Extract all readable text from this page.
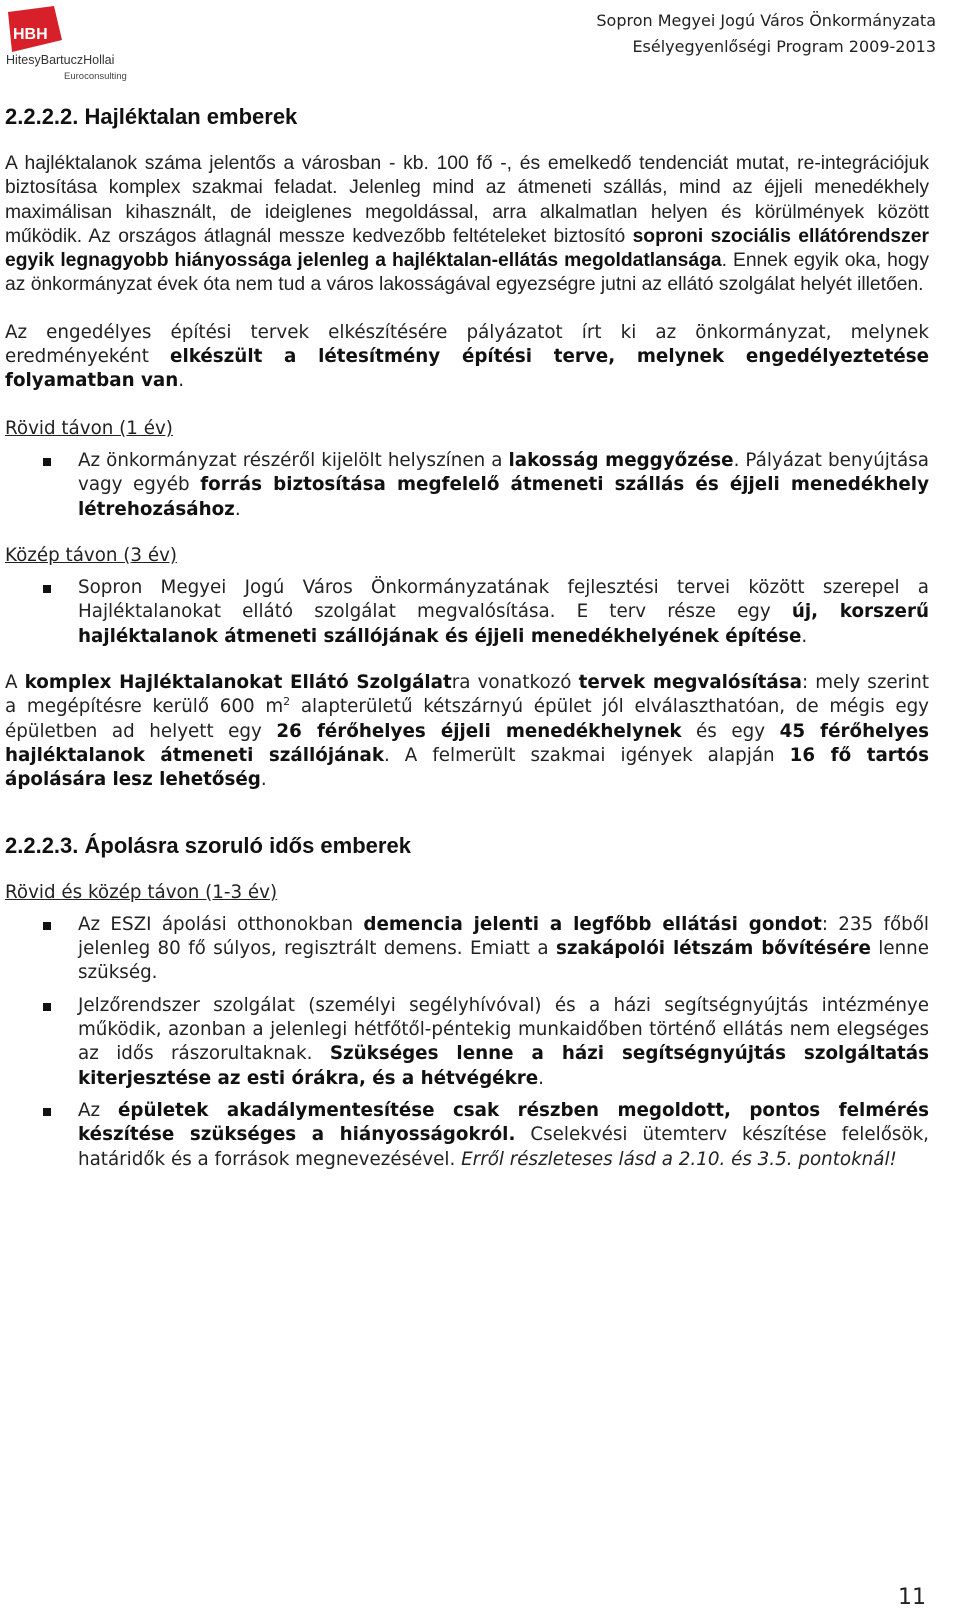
HBH
HitesyBartuczHollai
Euroconsulting
Sopron Megyei Jogú Város Önkormányzata
Esélyegyenlőségi Program 2009-2013
2.2.2.2. Hajléktalan emberek

A hajléktalanok száma jelentős a városban - kb. 100 fő -, és emelkedő tendenciát mutat, re-integrációjuk biztosítása komplex szakmai feladat. Jelenleg mind az átmeneti szállás, mind az éjjeli menedékhely maximálisan kihasznált, de ideiglenes megoldással, arra alkalmatlan helyen és körülmények között működik. Az országos átlagnál messze kedvezőbb feltételeket biztosító soproni szociális ellátórendszer egyik legnagyobb hiányossága jelenleg a hajléktalan-ellátás megoldatlansága. Ennek egyik oka, hogy az önkormányzat évek óta nem tud a város lakosságával egyezségre jutni az ellátó szolgálat helyét illetően.

Az engedélyes építési tervek elkészítésére pályázatot írt ki az önkormányzat, melynek eredményeként elkészült a létesítmény építési terve, melynek engedélyeztetése folyamatban van.

Rövid távon (1 év)
Az önkormányzat részéről kijelölt helyszínen a lakosság meggyőzése. Pályázat benyújtása vagy egyéb forrás biztosítása megfelelő átmeneti szállás és éjjeli menedékhely létrehozásához.
Közép távon (3 év)
Sopron Megyei Jogú Város Önkormányzatának fejlesztési tervei között szerepel a Hajléktalanokat ellátó szolgálat megvalósítása. E terv része egy új, korszerű hajléktalanok átmeneti szállójának és éjjeli menedékhelyének építése.

A komplex Hajléktalanokat Ellátó Szolgálatra vonatkozó tervek megvalósítása: mely szerint a megépítésre kerülő 600 $m^2$ alapterületű kétszárnyú épület jól elválaszthatóan, de mégis egy épületben ad helyett egy 26 férőhelyes éjjeli menedékhelynek és egy 45 férőhelyes hajléktalanok átmeneti szállójának. A felmerült szakmai igények alapján 16 fő tartós ápolására lesz lehetőség.

2.2.2.3. Ápolásra szoruló idős emberek
Rövid és közép távon (1-3 év)
Az ESZI ápolási otthonokban demencia jelenti a legfőbb ellátási gondot: 235 főből jelenleg 80 fő súlyos, regisztrált demens. Emiatt a szakápolói létszám bővítésére lenne szükség.
Jelzőrendszer szolgálat (személyi segélyhívóval) és a házi segítségnyújtás intézménye működik, azonban a jelenlegi hétfőtől-péntekig munkaidőben történő ellátás nem elegséges az idős rászorultaknak. Szükséges lenne a házi segítségnyújtás szolgáltatás kiterjesztése az esti órákra, és a hétvégékre.
Az épületek akadálymentesítése csak részben megoldott, pontos felmérés készítése szükséges a hiányosságokról. Cselekvési ütemterv készítése felelősök, határidők és a források megnevezésével. Erről részleteses lásd a 2.10. és 3.5. pontoknál!
11
